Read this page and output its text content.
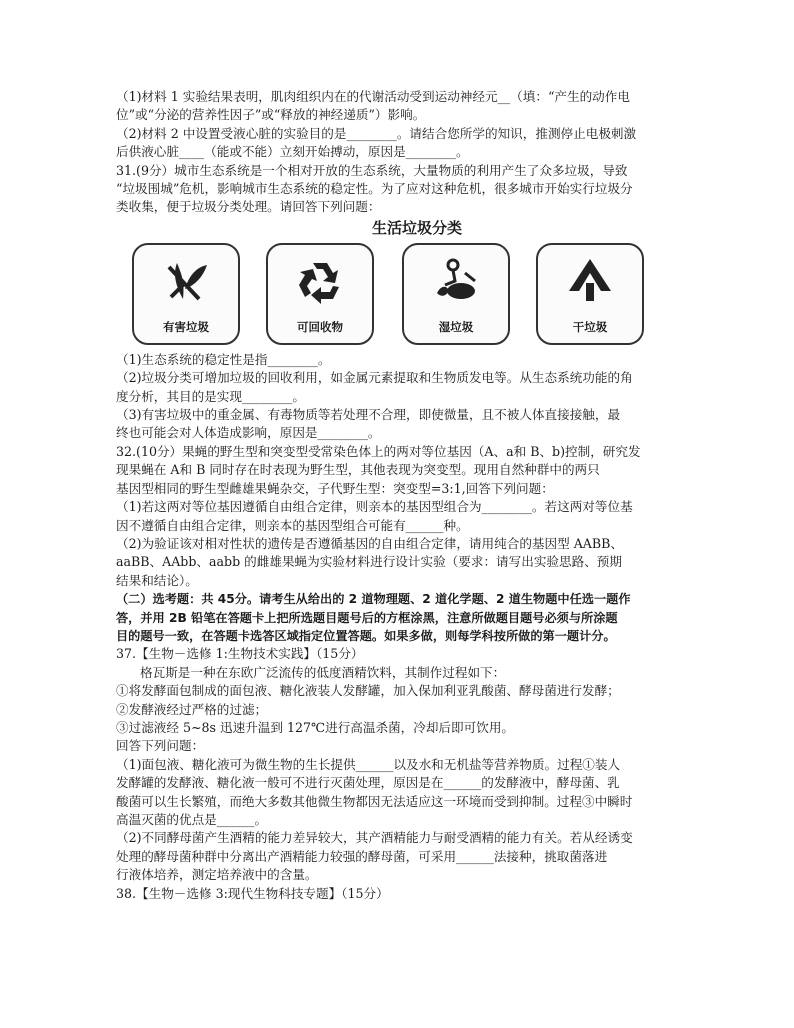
（1)材料 1 实验结果表明，肌肉组织内在的代谢活动受到运动神经元__（填：“产生的动作电
位”或“分泌的营养性因子”或“释放的神经递质”）影响。
（2)材料 2 中设置受液心脏的实验目的是________。请结合您所学的知识，推测停止电极刺激
后供液心脏____（能或不能）立刻开始搏动，原因是________。
31.(9分）城市生态系统是一个相对开放的生态系统，大量物质的利用产生了众多垃圾，导致
“垃圾围城”危机，影响城市生态系统的稳定性。为了应对这种危机，很多城市开始实行垃圾分
类收集，便于垃圾分类处理。请回答下列问题：
生活垃圾分类
有害垃圾	可回收物	湿垃圾	干垃圾
（1)生态系统的稳定性是指________。
（2)垃圾分类可增加垃圾的回收利用，如金属元素提取和生物质发电等。从生态系统功能的角
度分析，其目的是实现________。
（3)有害垃圾中的重金属、有毒物质等若处理不合理，即使微量，且不被人体直接接触，最
终也可能会对人体造成影响，原因是________。
32.(10分）果蝇的野生型和突变型受常染色体上的两对等位基因（A、a和 B、b)控制，研究发
现果蝇在 A和 B 同时存在时表现为野生型，其他表现为突变型。现用自然种群中的两只
基因型相同的野生型雌雄果蝇杂交，子代野生型：突变型=3:1,回答下列问题：
（1)若这两对等位基因遵循自由组合定律，则亲本的基因型组合为________。若这两对等位基
因不遵循自由组合定律，则亲本的基因型组合可能有______种。
（2)为验证该对相对性状的遗传是否遵循基因的自由组合定律，请用纯合的基因型 AABB、
aaBB、AAbb、aabb 的雌雄果蝇为实验材料进行设计实验（要求：请写出实验思路、预期
结果和结论）。
（二）选考题：共 45分。请考生从给出的 2 道物理题、2 道化学题、2 道生物题中任选一题作
答，并用 2B 铅笔在答题卡上把所选题目题号后的方框涂黑，注意所做题目题号必须与所涂题
目的题号一致，在答题卡选答区域指定位置答题。如果多做，则每学科按所做的第一题计分。
37.【生物－选修 1:生物技术实践】（15分）
格瓦斯是一种在东欧广泛流传的低度酒精饮料，其制作过程如下：
①将发酵面包制成的面包液、糖化液装人发酵罐，加入保加利亚乳酸菌、酵母菌进行发酵；
②发酵液经过严格的过滤；
③过滤液经 5~8s 迅速升温到 127℃进行高温杀菌，冷却后即可饮用。
回答下列问题：
（1)面包液、糖化液可为微生物的生长提供______以及水和无机盐等营养物质。过程①装人
发酵罐的发酵液、糖化液一般可不进行灭菌处理，原因是在______的发酵液中，酵母菌、乳
酸菌可以生长繁殖，而绝大多数其他微生物都因无法适应这一环境而受到抑制。过程③中瞬时
高温灭菌的优点是______。
（2)不同酵母菌产生酒精的能力差异较大，其产酒精能力与耐受酒精的能力有关。若从经诱变
处理的酵母菌种群中分离出产酒精能力较强的酵母菌，可采用______法接种，挑取菌落进
行液体培养，测定培养液中的含量。
38.【生物－选修 3:现代生物科技专题】（15分）
